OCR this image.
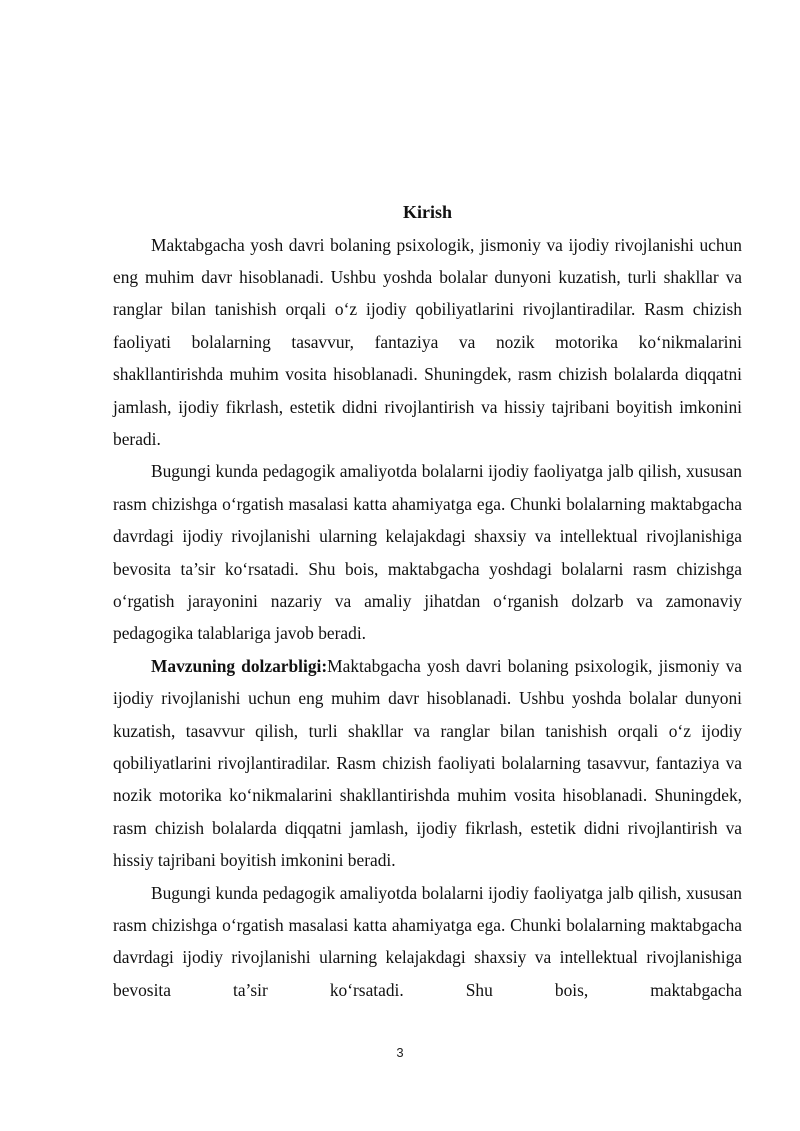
Kirish

Maktabgacha yosh davri bolaning psixologik, jismoniy va ijodiy rivojlanishi uchun eng muhim davr hisoblanadi. Ushbu yoshda bolalar dunyoni kuzatish, turli shakllar va ranglar bilan tanishish orqali o‘z ijodiy qobiliyatlarini rivojlantiradilar. Rasm chizish faoliyati bolalarning tasavvur, fantaziya va nozik motorika ko‘nikmalarini shakllantirishda muhim vosita hisoblanadi. Shuningdek, rasm chizish bolalarda diqqatni jamlash, ijodiy fikrlash, estetik didni rivojlantirish va hissiy tajribani boyitish imkonini beradi.

Bugungi kunda pedagogik amaliyotda bolalarni ijodiy faoliyatga jalb qilish, xususan rasm chizishga o‘rgatish masalasi katta ahamiyatga ega. Chunki bolalarning maktabgacha davrdagi ijodiy rivojlanishi ularning kelajakdagi shaxsiy va intellektual rivojlanishiga bevosita ta’sir ko‘rsatadi. Shu bois, maktabgacha yoshdagi bolalarni rasm chizishga o‘rgatish jarayonini nazariy va amaliy jihatdan o‘rganish dolzarb va zamonaviy pedagogika talablariga javob beradi.

Mavzuning dolzarbligi:Maktabgacha yosh davri bolaning psixologik, jismoniy va ijodiy rivojlanishi uchun eng muhim davr hisoblanadi. Ushbu yoshda bolalar dunyoni kuzatish, tasavvur qilish, turli shakllar va ranglar bilan tanishish orqali o‘z ijodiy qobiliyatlarini rivojlantiradilar. Rasm chizish faoliyati bolalarning tasavvur, fantaziya va nozik motorika ko‘nikmalarini shakllantirishda muhim vosita hisoblanadi. Shuningdek, rasm chizish bolalarda diqqatni jamlash, ijodiy fikrlash, estetik didni rivojlantirish va hissiy tajribani boyitish imkonini beradi.

Bugungi kunda pedagogik amaliyotda bolalarni ijodiy faoliyatga jalb qilish, xususan rasm chizishga o‘rgatish masalasi katta ahamiyatga ega. Chunki bolalarning maktabgacha davrdagi ijodiy rivojlanishi ularning kelajakdagi shaxsiy va intellektual rivojlanishiga bevosita ta’sir ko‘rsatadi. Shu bois, maktabgacha

3
